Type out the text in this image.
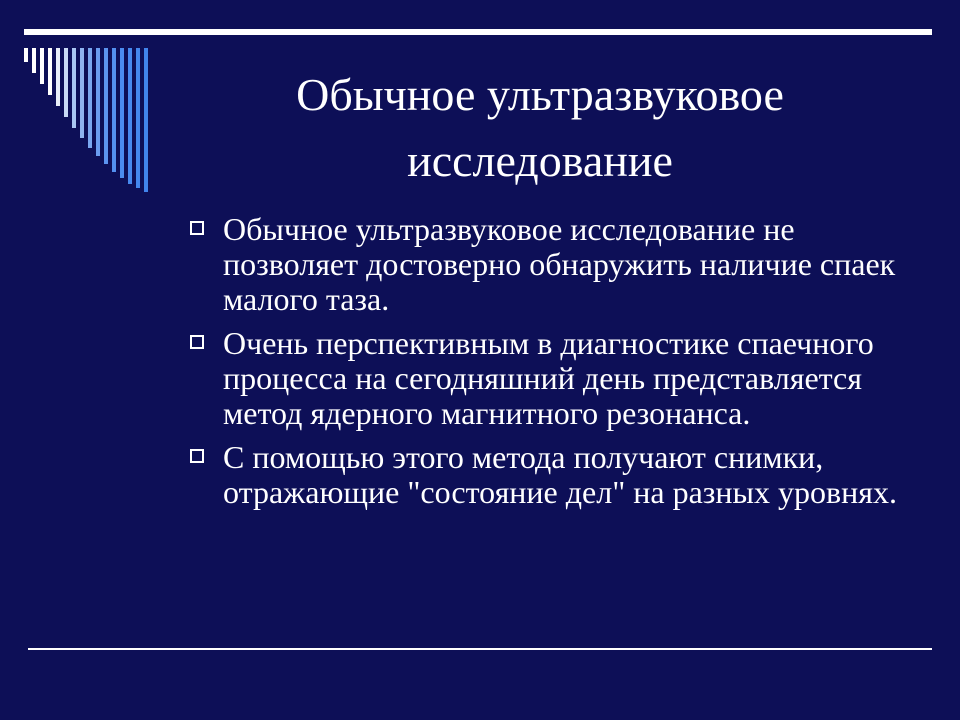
Обычное ультразвуковое
исследование
Обычное ультразвуковое исследование не позволяет достоверно обнаружить наличие спаек малого таза.
Очень перспективным в диагностике спаечного процесса на сегодняшний день представляется метод ядерного магнитного резонанса.
С помощью этого метода получают снимки, отражающие "состояние дел" на разных уровнях.
